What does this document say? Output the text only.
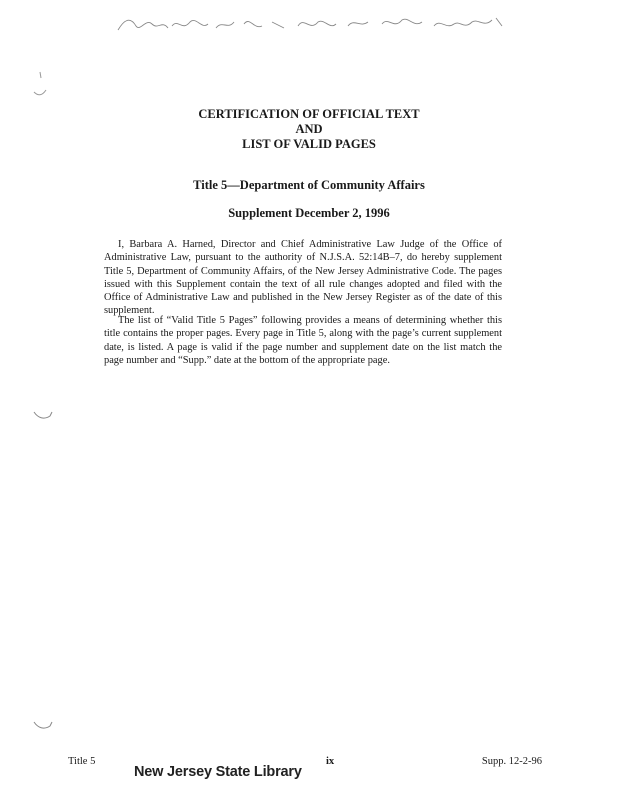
CERTIFICATION OF OFFICIAL TEXT
AND
LIST OF VALID PAGES
Title 5—Department of Community Affairs
Supplement December 2, 1996

I, Barbara A. Harned, Director and Chief Administrative Law Judge of the Office of Administrative Law, pursuant to the authority of N.J.S.A. 52:14B–7, do hereby supplement Title 5, Department of Community Affairs, of the New Jersey Administrative Code. The pages issued with this Supplement contain the text of all rule changes adopted and filed with the Office of Administrative Law and published in the New Jersey Register as of the date of this supplement.

The list of “Valid Title 5 Pages” following provides a means of determining whether this title contains the proper pages. Every page in Title 5, along with the page’s current supplement date, is listed. A page is valid if the page number and supplement date on the list match the page number and “Supp.” date at the bottom of the appropriate page.

Title 5	ix	Supp. 12-2-96
New Jersey State Library
